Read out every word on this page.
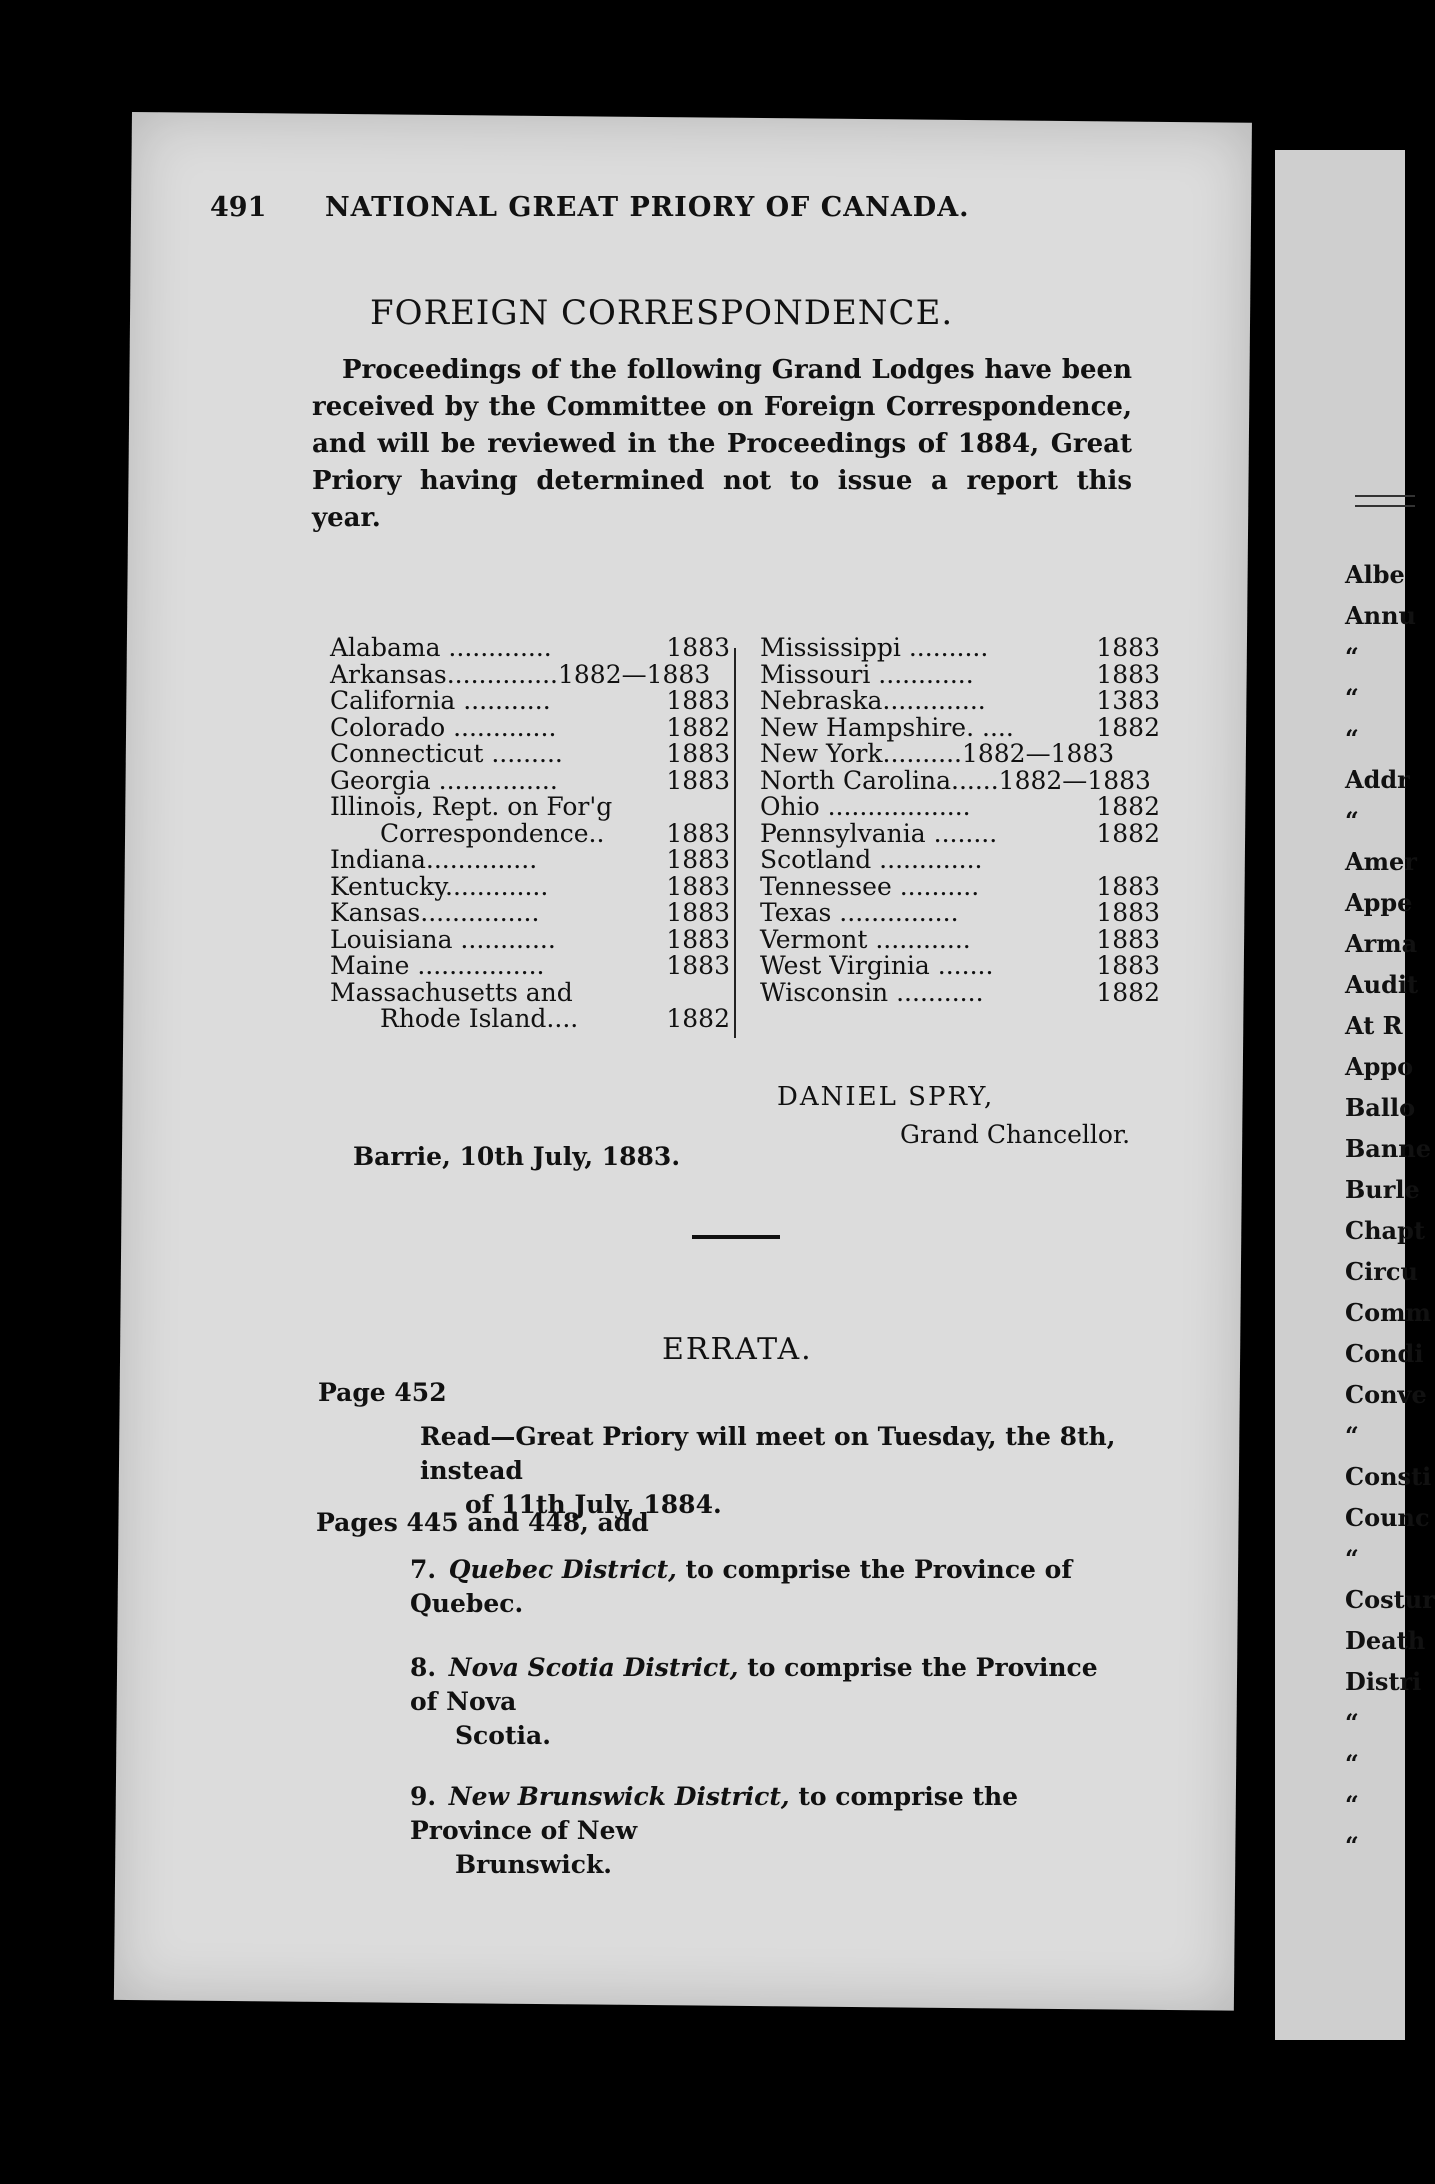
Albe
Annu
“
“
“
Addr
“
Amer
Appe
Arma
Audit
At R
Appo
Ballo
Banne
Burle
Chapt
Circu
Comm
Condi
Conve
“
Consti
Counc
“
Costur
Death
Distri
“
“
“
“
491 NATIONAL GREAT PRIORY OF CANADA.
FOREIGN CORRESPONDENCE.

Proceedings of the following Grand Lodges have been received by the Committee on Foreign Correspondence, and will be reviewed in the Proceedings of 1884, Great Priory having determined not to issue a report this year.

Alabama .............	1883
Arkansas..............1882—1883
California ...........	1883
Colorado .............	1882
Connecticut .........	1883
Georgia ...............	1883
Illinois, Rept. on For'g
Correspondence.. 1883
Indiana..............	1883
Kentucky.............	1883
Kansas...............	1883
Louisiana ............	1883
Maine ................	1883
Massachusetts and
Rhode Island....	1882
Mississippi ..........	1883
Missouri ............	1883
Nebraska.............	1383
New Hampshire. ....	1882
New York..........1882—1883
North Carolina......1882—1883
Ohio ..................	1882
Pennsylvania ........	1882
Scotland .............
Tennessee ..........	1883
Texas ...............	1883
Vermont ............	1883
West Virginia .......	1883
Wisconsin ...........	1882
DANIEL SPRY,
Grand Chancellor.
Barrie, 10th July, 1883.
ERRATA.
Page 452

Read—Great Priory will meet on Tuesday, the 8th, instead
of 11th July, 1884.

Pages 445 and 448, add
7. Quebec District, to comprise the Province of Quebec.
8. Nova Scotia District, to comprise the Province of Nova
Scotia.
9. New Brunswick District, to comprise the Province of New
Brunswick.
